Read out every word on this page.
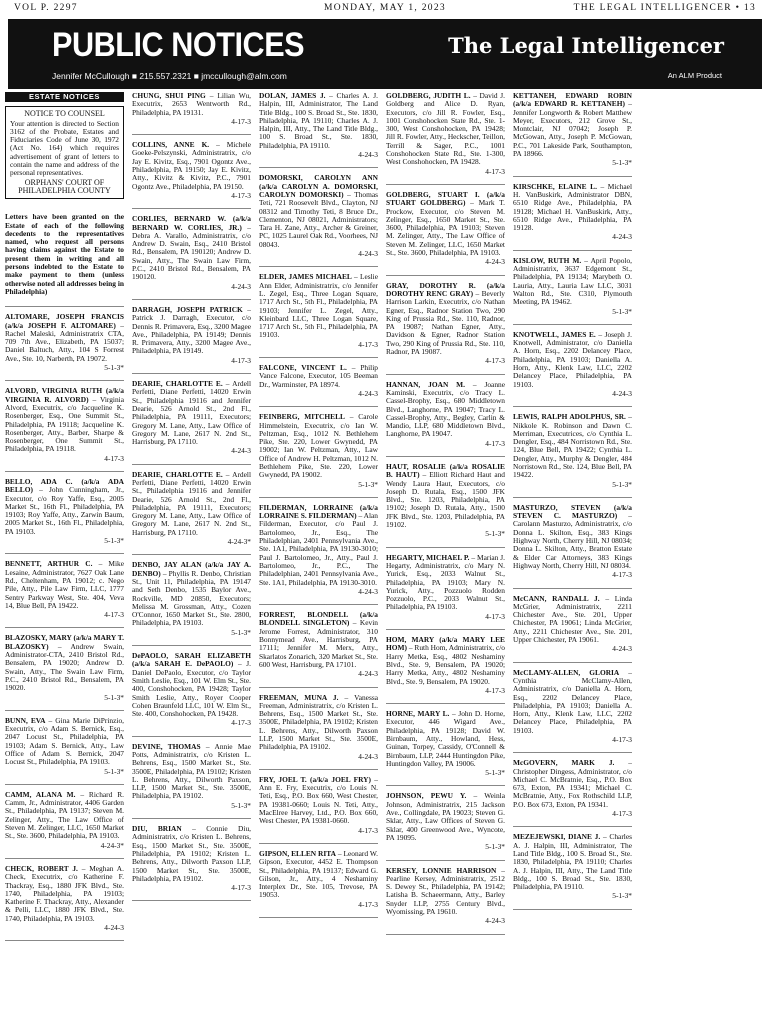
VOL P. 2297	MONDAY, MAY 1, 2023	THE LEGAL INTELLIGENCER • 13
PUBLIC NOTICES	The Legal Intelligencer
Jennifer McCullough ■ 215.557.2321 ■ jmccullough@alm.com	An ALM Product
ESTATE NOTICES
NOTICE TO COUNSEL
Your attention is directed to Section 3162 of the Probate, Estates and Fiduciaries Code of June 30, 1972 (Act No. 164) which requires advertisement of grant of letters to contain the name and address of the personal representatives.
ORPHANS' COURT OF PHILADELPHIA COUNTY
Letters have been granted on the Estate of each of the following decedents to the representatives named, who request all persons having claims against the Estate to present them in writing and all persons indebted to the Estate to make payment to them (unless otherwise noted all addresses being in Philadelphia)
ALTOMARE, JOSEPH FRANCIS (a/k/a JOSEPH F. ALTOMARE) – Rachel Maleski, Administratrix CTA, 709 7th Ave., Elizabeth, PA 15037; Daniel Baltuch, Atty., 104 S Forrest Ave., Ste. 10, Narberth, PA 19072.
5-1-3*
ALVORD, VIRGINIA RUTH (a/k/a VIRGINIA R. ALVORD) – Virginia Alvord, Executrix, c/o Jacqueline K. Rosenberger, Esq., One Summit St., Philadelphia, PA 19118; Jacqueline K. Rosenberger, Atty., Barber, Sharpe & Rosenberger, One Summit St., Philadelphia, PA 19118.
4-17-3
BELLO, ADA C. (a/k/a ADA BELLO) – John Cunningham, Jr., Executor, c/o Roy Yaffe, Esq., 2005 Market St., 16th Fl., Philadelphia, PA 19103; Roy Yaffe, Atty., Zarwin Baum, 2005 Market St., 16th Fl., Philadelphia, PA 19103.
5-1-3*
BENNETT, ARTHUR C. – Mike Lesaine, Administrator, 7627 Oak Lane Rd., Cheltenham, PA 19012; c. Nego Pile, Atty., Pile Law Firm, LLC, 1777 Sentry Parkway West, Ste. 404, Veva 14, Blue Bell, PA 19422.
4-17-3
BLAZOSKY, MARY (a/k/a MARY T. BLAZOSKY) – Andrew Swain, Administrator-CTA, 2410 Bristol Rd., Bensalem, PA 19020; Andrew D. Swain, Atty., The Swain Law Firm, P.C., 2410 Bristol Rd., Bensalem, PA 19020.
5-1-3*
BUNN, EVA – Gina Marie DiPrinzio, Executrix, c/o Adam S. Bernick, Esq., 2047 Locust St., Philadelphia, PA 19103; Adam S. Bernick, Atty., Law Office of Adam S. Bernick, 2047 Locust St., Philadelphia, PA 19103.
5-1-3*
CAMM, ALANA M. – Richard R. Camm, Jr., Administrator, 4406 Garden St., Philadelphia, PA 19137; Steven M. Zelinger, Atty., The Law Office of Steven M. Zelinger, LLC, 1650 Market St., Ste. 3600, Philadelphia, PA 19103.
4-24-3*
CHECK, ROBERT J. – Meghan A. Check, Executrix, c/o Katherine F. Thackray, Esq., 1880 JFK Blvd., Ste. 1740, Philadelphia, PA 19103; Katherine F. Thackray, Atty., Alexander & Pelli, LLC, 1880 JFK Blvd., Ste. 1740, Philadelphia, PA 19103.
4-24-3
CHUNG, SHUI PING – Lilian Wu, Executrix, 2653 Wentworth Rd., Philadelphia, PA 19131.
4-17-3
COLLINS, ANNE K. – Michele Goeke-Pelszynski, Administratrix, c/o Jay E. Kivitz, Esq., 7901 Ogontz Ave., Philadelphia, PA 19150; Jay E. Kivitz, Atty., Kivitz & Kivitz, P.C., 7901 Ogontz Ave., Philadelphia, PA 19150.
4-17-3
CORLIES, BERNARD W. (a/k/a BERNARD W. CORLIES, JR.) – Debra A. Varallo, Administratrix, c/o Andrew D. Swain, Esq., 2410 Bristol Rd., Bensalem, PA 190120; Andrew D. Swain, Atty., The Swain Law Firm, P.C., 2410 Bristol Rd., Bensalem, PA 190120.
4-24-3
DARRAGH, JOSEPH PATRICK – Patrick J. Darragh, Executor, c/o Dennis R. Primavera, Esq., 3200 Magee Ave., Philadelphia, PA 19149; Dennis R. Primavera, Atty., 3200 Magee Ave., Philadelphia, PA 19149.
4-17-3
DEARIE, CHARLOTTE E. – Ardell Perfetti, Diane Perfetti, 14020 Erwin St., Philadelphia 19116 and Jennifer Dearie, 526 Arnold St., 2nd Fl., Philadelphia, PA 19111, Executors; Gregory M. Lane, Atty., Law Office of Gregory M. Lane, 2617 N. 2nd St., Harrisburg, PA 17110.
4-24-3
DEARIE, CHARLOTTE E. – Ardell Perfetti, Diane Perfetti, 14020 Erwin St., Philadelphia 19116 and Jennifer Dearie, 526 Arnold St., 2nd Fl., Philadelphia, PA 19111, Executors; Gregory M. Lane, Atty., Law Office of Gregory M. Lane, 2617 N. 2nd St., Harrisburg, PA 17110.
4-24-3*
DENBO, JAY ALAN (a/k/a JAY A. DENBO) – Phyllis R. Denbo, Christian St., Unit 11, Philadelphia, PA 19147 and Seth Denbo, 1535 Baylor Ave., Rockville, MD 20850, Executors; Melissa M. Grossman, Atty., Cozen O'Connor, 1650 Market St., Ste. 2800, Philadelphia, PA 19103.
5-1-3*
DePAOLO, SARAH ELIZABETH (a/k/a SARAH E. DePAOLO) – J. Daniel DePaolo, Executor, c/o Taylor Smith Leslie, Esq., 101 W. Elm St., Ste. 400, Conshohocken, PA 19428; Taylor Smith Leslie, Atty., Royer Cooper Cohen Braunfeld LLC, 101 W. Elm St., Ste. 400, Conshohocken, PA 19428.
4-17-3
DEVINE, THOMAS – Annie Mae Potts, Administratrix, c/o Kristen L. Behrens, Esq., 1500 Market St., Ste. 3500E, Philadelphia, PA 19102; Kristen L. Behrens, Atty., Dilworth Paxson, LLP, 1500 Market St., Ste. 3500E, Philadelphia, PA 19102.
5-1-3*
DIU, BRIAN – Connie Diu, Administratrix, c/o Kristen L. Behrens, Esq., 1500 Market St., Ste. 3500E, Philadelphia, PA 19102; Kristen L. Behrens, Atty., Dilworth Paxson LLP, 1500 Market St., Ste. 3500E, Philadelphia, PA 19102.
4-17-3
DOLAN, JAMES J. – Charles A. J. Halpin, III, Administrator, The Land Title Bldg., 100 S. Broad St., Ste. 1830, Philadelphia, PA 19110; Charles A. J. Halpin, III, Atty., The Land Title Bldg., 100 S. Broad St., Ste. 1830, Philadelphia, PA 19110.
4-24-3
DOMORSKI, CAROLYN ANN (a/k/a CAROLYN A. DOMORSKI, CAROLYN DOMORSKI) – Thomas Teti, 721 Roosevelt Blvd., Clayton, NJ 08312 and Timothy Teti, 8 Bruce Dr., Clementon, NJ 08021, Administrators; Tara H. Zane, Atty., Archer & Greiner, PC, 1025 Laurel Oak Rd., Voorhees, NJ 08043.
4-24-3
ELDER, JAMES MICHAEL – Leslie Ann Elder, Administratrix, c/o Jennifer L. Zegel, Esq., Three Logan Square, 1717 Arch St., 5th Fl., Philadelphia, PA 19103; Jennifer L. Zegel, Atty., Kleinbard LLC, Three Logan Square, 1717 Arch St., 5th Fl., Philadelphia, PA 19103.
4-17-3
FALCONE, VINCENT L. – Philip Vance Falcone, Executor, 105 Beeman Dr., Warminster, PA 18974.
4-24-3
FEINBERG, MITCHELL – Carole Himmelstein, Executrix, c/o Ian W. Peltzman, Esq., 1012 N. Bethlehem Pike, Ste. 220, Lower Gwynedd, PA 19002; Ian W. Peltzman, Atty., Law Office of Andrew H. Peltzman, 1012 N. Bethlehem Pike, Ste. 220, Lower Gwynedd, PA 19002.
5-1-3*
FILDERMAN, LORRAINE (a/k/a LORRAINE S. FILDERMAN) – Alan Filderman, Executor, c/o Paul J. Bartolomeo, Jr., Esq., The Philadelphian, 2401 Pennsylvania Ave., Ste. 1A1, Philadelphia, PA 19130-3010; Paul J. Bartolomeo, Jr., Atty., Paul J. Bartolomeo, Jr., P.C., The Philadelphian, 2401 Pennsylvania Ave., Ste. 1A1, Philadelphia, PA 19130-3010.
4-24-3
FORREST, BLONDELL (a/k/a BLONDELL SINGLETON) – Kevin Jerome Forrest, Administrator, 310 Bonnymead Ave., Harrisburg, PA 17111; Jennifer M. Merx, Atty., Skarlatos Zonarich, 320 Market St., Ste. 600 West, Harrisburg, PA 17101.
4-24-3
FREEMAN, MUNA J. – Vanessa Freeman, Administratrix, c/o Kristen L. Behrens, Esq., 1500 Market St., Ste. 3500E, Philadelphia, PA 19102; Kristen L. Behrens, Atty., Dilworth Paxson LLP, 1500 Market St., Ste. 3500E, Philadelphia, PA 19102.
4-24-3
FRY, JOEL T. (a/k/a JOEL FRY) – Ann E. Fry, Executrix, c/o Louis N. Teti, Esq., P.O. Box 660, West Chester, PA 19381-0660; Louis N. Teti, Atty., MacElree Harvey, Ltd., P.O. Box 660, West Chester, PA 19381-0660.
4-17-3
GIPSON, ELLEN RITA – Leonard W. Gipson, Executor, 4452 E. Thompson St., Philadelphia, PA 19137; Edward G. Gilson, Jr., Atty., 4 Neshaminy Interplex Dr., Ste. 105, Trevose, PA 19053.
4-17-3
GOLDBERG, JUDITH L. – David J. Goldberg and Alice D. Ryan, Executors, c/o Jill R. Fowler, Esq., 1001 Conshohocken State Rd., Ste. 1-300, West Conshohocken, PA 19428; Jill R. Fowler, Atty., Heckscher, Teillon, Terrill & Sager, P.C., 1001 Conshohocken State Rd., Ste. 1-300, West Conshohocken, PA 19428.
4-17-3
GOLDBERG, STUART I. (a/k/a STUART GOLDBERG) – Mark T. Prockow, Executor, c/o Steven M. Zelinger, Esq., 1650 Market St., Ste. 3600, Philadelphia, PA 19103; Steven M. Zelinger, Atty., The Law Office of Steven M. Zelinger, LLC, 1650 Market St., Ste. 3600, Philadelphia, PA 19103.
4-24-3
GRAY, DOROTHY R. (a/k/a DOROTHY RENC GRAY) – Beverly Harrison Larkin, Executrix, c/o Nathan Egner, Esq., Radnor Station Two, 290 King of Prussia Rd., Ste. 110, Radnor, PA 19087; Nathan Egner, Atty., Davidson & Egner, Radnor Station Two, 290 King of Prussia Rd., Ste. 110, Radnor, PA 19087.
4-17-3
HANNAN, JOAN M. – Joanne Kaminski, Executrix, c/o Tracy L. Cassel-Brophy, Esq., 680 Middletown Blvd., Langhorne, PA 19047; Tracy L. Cassel-Brophy, Atty., Begley, Carlin & Mandio, LLP, 680 Middletown Blvd., Langhorne, PA 19047.
4-17-3
HAUT, ROSALIE (a/k/a ROSALIE B. HAUT) – Elliott Richard Haut and Wendy Laura Haut, Executors, c/o Joseph D. Rutala, Esq., 1500 JFK Blvd., Ste. 1203, Philadelphia, PA 19102; Joseph D. Rutala, Atty., 1500 JFK Blvd., Ste. 1203, Philadelphia, PA 19102.
5-1-3*
HEGARTY, MICHAEL P. – Marian J. Hegarty, Administratrix, c/o Mary N. Yurick, Esq., 2033 Walnut St., Philadelphia, PA 19103; Mary N. Yurick, Atty., Pozzuolo Rodden Pozzuolo, P.C., 2033 Walnut St., Philadelphia, PA 19103.
4-17-3
HOM, MARY (a/k/a MARY LEE HOM) – Ruth Hom, Administratrix, c/o Harry Metka, Esq., 4802 Neshaminy Blvd., Ste. 9, Bensalem, PA 19020; Harry Metka, Atty., 4802 Neshaminy Blvd., Ste. 9, Bensalem, PA 19020.
4-17-3
HORNE, MARY L. – John D. Horne, Executor, 446 Wigard Ave., Philadelphia, PA 19128; David W. Birnbaum, Atty., Howland, Hess, Guinan, Torpey, Cassidy, O'Connell & Birnbaum, LLP, 2444 Huntingdon Pike, Huntingdon Valley, PA 19006.
5-1-3*
JOHNSON, PEWU Y. – Weinla Johnson, Administratrix, 215 Jackson Ave., Collingdale, PA 19023; Steven G. Sklar, Atty., Law Offices of Steven G. Sklar, 400 Greenwood Ave., Wyncote, PA 19095.
5-1-3*
KERSEY, LONNIE HARRISON – Pearline Kersey, Administratrix, 2512 S. Dewey St., Philadelphia, PA 19142; Latisha B. Schaeermann, Atty., Barley Snyder LLP, 2755 Century Blvd., Wyomissing, PA 19610.
4-24-3
KETTANEH, EDWARD ROBIN (a/k/a EDWARD R. KETTANEH) – Jennifer Longworth & Robert Matthew Meyer, Executors, 212 Grove St., Montclair, NJ 07042; Joseph P. McGowan, Atty., Joseph P. McGowan, P.C., 701 Lakeside Park, Southampton, PA 18966.
5-1-3*
KIRSCHKE, ELAINE L. – Michael H. VanBuskirk, Administrator DBN, 6510 Ridge Ave., Philadelphia, PA 19128; Michael H. VanBuskirk, Atty., 6510 Ridge Ave., Philadelphia, PA 19128.
4-24-3
KISLOW, RUTH M. – April Popolo, Administratrix, 3637 Edgemont St., Philadelphia, PA 19134; Marybeth O. Lauria, Atty., Lauria Law LLC, 3031 Walton Rd., Ste. C310, Plymouth Meeting, PA 19462.
5-1-3*
KNOTWELL, JAMES E. – Joseph J. Knotwell, Administrator, c/o Daniella A. Horn, Esq., 2202 Delancey Place, Philadelphia, PA 19103; Daniella A. Horn, Atty., Klenk Law, LLC, 2202 Delancey Place, Philadelphia, PA 19103.
4-24-3
LEWIS, RALPH ADOLPHUS, SR. – Nikkole K. Robinson and Dawn C. Merriman, Executrices, c/o Cynthia L. Dengler, Esq., 484 Norristown Rd., Ste. 124, Blue Bell, PA 19422; Cynthia L. Dengler, Atty., Murphy & Dengler, 484 Norristown Rd., Ste. 124, Blue Bell, PA 19422.
5-1-3*
MASTURZO, STEVEN (a/k/a STEVEN C. MASTURZO) – Carolann Masturzo, Administratrix, c/o Donna L. Skilton, Esq., 383 Kings Highway North, Cherry Hill, NJ 08034; Donna L. Skilton, Atty., Bratton Estate & Elder Car Attorneys, 383 Kings Highway North, Cherry Hill, NJ 08034.
4-17-3
McCANN, RANDALL J. – Linda McGrier, Administratrix, 2211 Chichester Ave., Ste. 201, Upper Chichester, PA 19061; Linda McGrier, Atty., 2211 Chichester Ave., Ste. 201, Upper Chichester, PA 19061.
4-24-3
McCLAMY-ALLEN, GLORIA – Cynthia McClamy-Allen, Administratrix, c/o Daniella A. Horn, Esq., 2202 Delancey Place, Philadelphia, PA 19103; Daniella A. Horn, Atty., Klenk Law, LLC, 2202 Delancey Place, Philadelphia, PA 19103.
4-17-3
McGOVERN, MARK J. – Christopher Dingess, Administrator, c/o Michael C. McBratnie, Esq., P.O. Box 673, Exton, PA 19341; Michael C. McBratnie, Atty., Fox Rothschild LLP, P.O. Box 673, Exton, PA 19341.
4-17-3
MEZEJEWSKI, DIANE J. – Charles A. J. Halpin, III, Administrator, The Land Title Bldg., 100 S. Broad St., Ste. 1830, Philadelphia, PA 19110; Charles A. J. Halpin, III, Atty., The Land Title Bldg., 100 S. Broad St., Ste. 1830, Philadelphia, PA 19110.
5-1-3*
